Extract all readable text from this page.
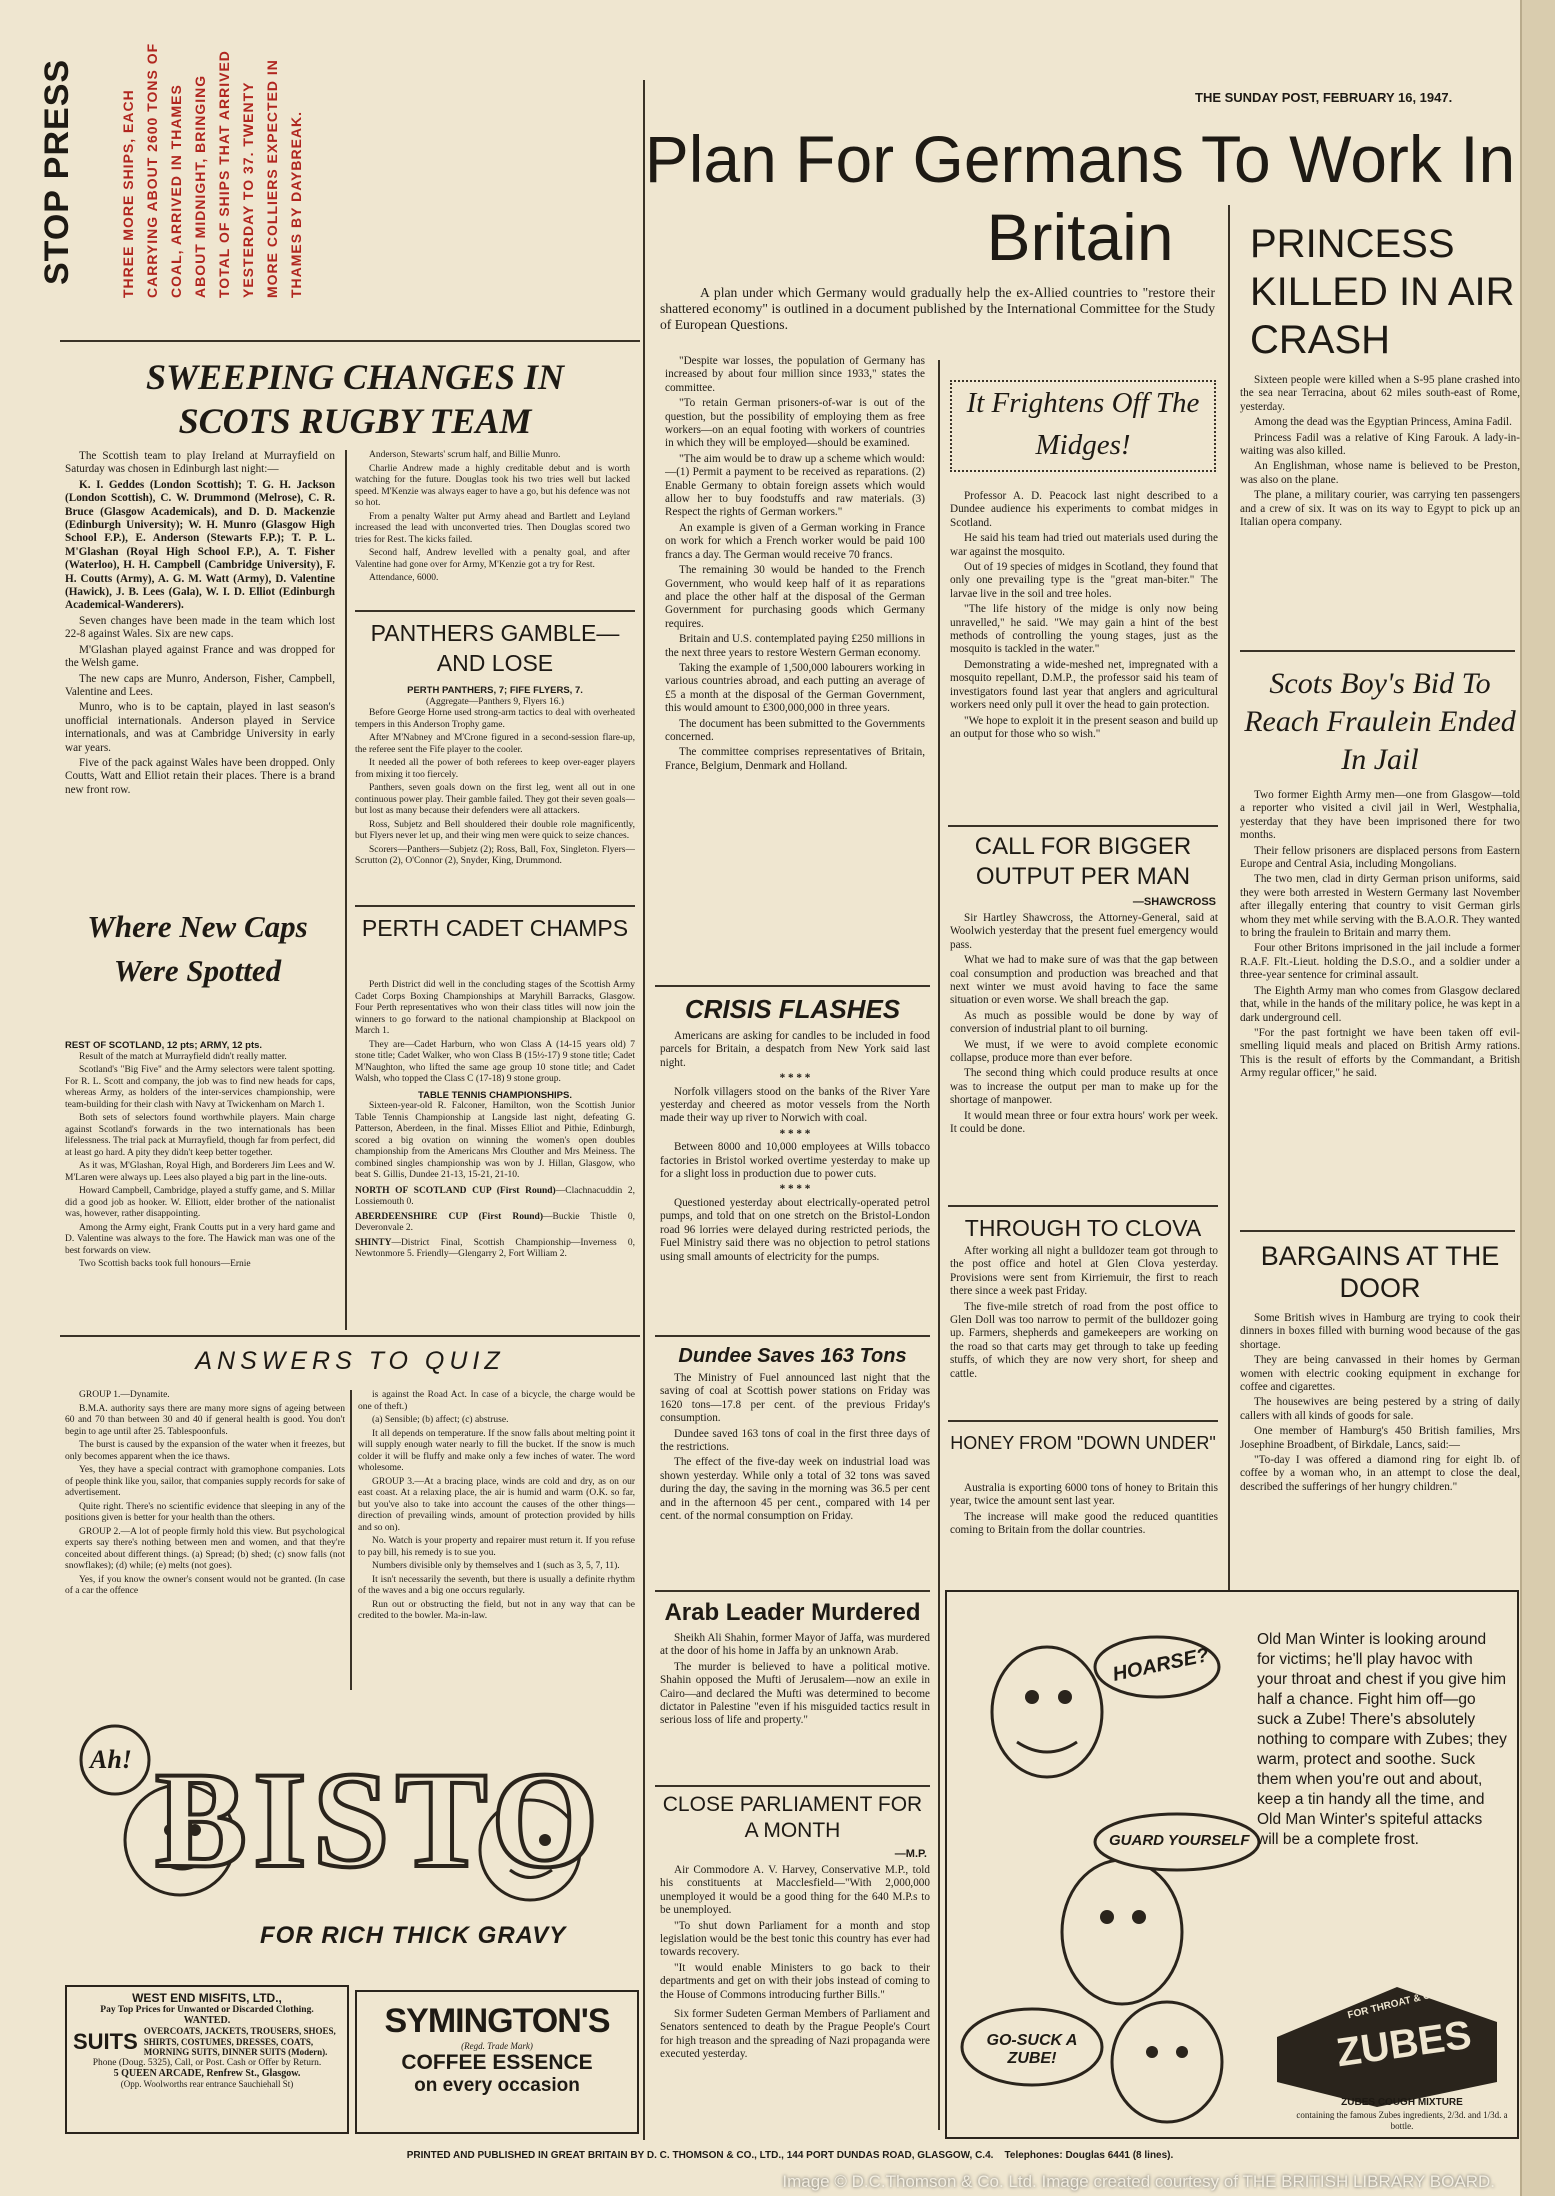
STOP PRESS	THREE MORE SHIPS, EACH CARRYING ABOUT 2600 TONS OF COAL, ARRIVED IN THAMES ABOUT MIDNIGHT, BRINGING TOTAL OF SHIPS THAT ARRIVED YESTERDAY TO 37. TWENTY MORE COLLIERS EXPECTED IN THAMES BY DAYBREAK.
THE SUNDAY POST, FEBRUARY 16, 1947.
Plan For Germans To Work In Britain
A plan under which Germany would gradually help the ex-Allied countries to "restore their shattered economy" is outlined in a document published by the International Committee for the Study of European Questions.

"Despite war losses, the population of Germany has increased by about four million since 1933," states the committee.

"To retain German prisoners-of-war is out of the question, but the possibility of employing them as free workers—on an equal footing with workers of countries in which they will be employed—should be examined.

"The aim would be to draw up a scheme which would:—(1) Permit a payment to be received as reparations. (2) Enable Germany to obtain foreign assets which would allow her to buy foodstuffs and raw materials. (3) Respect the rights of German workers."

An example is given of a German working in France on work for which a French worker would be paid 100 francs a day. The German would receive 70 francs.

The remaining 30 would be handed to the French Government, who would keep half of it as reparations and place the other half at the disposal of the German Government for purchasing goods which Germany requires.

Britain and U.S. contemplated paying £250 millions in the next three years to restore Western German economy.

Taking the example of 1,500,000 labourers working in various countries abroad, and each putting an average of £5 a month at the disposal of the German Government, this would amount to £300,000,000 in three years.

The document has been submitted to the Governments concerned.

The committee comprises representatives of Britain, France, Belgium, Denmark and Holland.

PRINCESS KILLED IN AIR CRASH

Sixteen people were killed when a S-95 plane crashed into the sea near Terracina, about 62 miles south-east of Rome, yesterday.

Among the dead was the Egyptian Princess, Amina Fadil.

Princess Fadil was a relative of King Farouk. A lady-in-waiting was also killed.

An Englishman, whose name is believed to be Preston, was also on the plane.

The plane, a military courier, was carrying ten passengers and a crew of six. It was on its way to Egypt to pick up an Italian opera company.

Scots Boy's Bid To Reach Fraulein Ended In Jail

Two former Eighth Army men—one from Glasgow—told a reporter who visited a civil jail in Werl, Westphalia, yesterday that they have been imprisoned there for two months.

Their fellow prisoners are displaced persons from Eastern Europe and Central Asia, including Mongolians.

The two men, clad in dirty German prison uniforms, said they were both arrested in Western Germany last November after illegally entering that country to visit German girls whom they met while serving with the B.A.O.R. They wanted to bring the fraulein to Britain and marry them.

Four other Britons imprisoned in the jail include a former R.A.F. Flt.-Lieut. holding the D.S.O., and a soldier under a three-year sentence for criminal assault.

The Eighth Army man who comes from Glasgow declared that, while in the hands of the military police, he was kept in a dark underground cell.

"For the past fortnight we have been taken off evil-smelling liquid meals and placed on British Army rations. This is the result of efforts by the Commandant, a British Army regular officer," he said.

BARGAINS AT THE DOOR

Some British wives in Hamburg are trying to cook their dinners in boxes filled with burning wood because of the gas shortage.

They are being canvassed in their homes by German women with electric cooking equipment in exchange for coffee and cigarettes.

The housewives are being pestered by a string of daily callers with all kinds of goods for sale.

One member of Hamburg's 450 British families, Mrs Josephine Broadbent, of Birkdale, Lancs, said:—

"To-day I was offered a diamond ring for eight lb. of coffee by a woman who, in an attempt to close the deal, described the sufferings of her hungry children."

SWEEPING CHANGES IN SCOTS RUGBY TEAM

The Scottish team to play Ireland at Murrayfield on Saturday was chosen in Edinburgh last night:—

K. I. Geddes (London Scottish); T. G. H. Jackson (London Scottish), C. W. Drummond (Melrose), C. R. Bruce (Glasgow Academicals), and D. D. Mackenzie (Edinburgh University); W. H. Munro (Glasgow High School F.P.), E. Anderson (Stewarts F.P.); T. P. L. M'Glashan (Royal High School F.P.), A. T. Fisher (Waterloo), H. H. Campbell (Cambridge University), F. H. Coutts (Army), A. G. M. Watt (Army), D. Valentine (Hawick), J. B. Lees (Gala), W. I. D. Elliot (Edinburgh Academical-Wanderers).

Seven changes have been made in the team which lost 22-8 against Wales. Six are new caps.

M'Glashan played against France and was dropped for the Welsh game.

The new caps are Munro, Anderson, Fisher, Campbell, Valentine and Lees.

Munro, who is to be captain, played in last season's unofficial internationals. Anderson played in Service internationals, and was at Cambridge University in early war years.

Five of the pack against Wales have been dropped. Only Coutts, Watt and Elliot retain their places. There is a brand new front row.

Anderson, Stewarts' scrum half, and Billie Munro.

Charlie Andrew made a highly creditable debut and is worth watching for the future. Douglas took his two tries well but lacked speed. M'Kenzie was always eager to have a go, but his defence was not so hot.

From a penalty Walter put Army ahead and Bartlett and Leyland increased the lead with unconverted tries. Then Douglas scored two tries for Rest. The kicks failed.

Second half, Andrew levelled with a penalty goal, and after Valentine had gone over for Army, M'Kenzie got a try for Rest.

Attendance, 6000.

Where New Caps Were Spotted
REST OF SCOTLAND, 12 pts; ARMY, 12 pts.

Result of the match at Murrayfield didn't really matter.

Scotland's "Big Five" and the Army selectors were talent spotting. For R. L. Scott and company, the job was to find new heads for caps, whereas Army, as holders of the inter-services championship, were team-building for their clash with Navy at Twickenham on March 1.

Both sets of selectors found worthwhile players. Main charge against Scotland's forwards in the two internationals has been lifelessness. The trial pack at Murrayfield, though far from perfect, did at least go hard. A pity they didn't keep better together.

As it was, M'Glashan, Royal High, and Borderers Jim Lees and W. M'Laren were always up. Lees also played a big part in the line-outs.

Howard Campbell, Cambridge, played a stuffy game, and S. Millar did a good job as hooker. W. Elliott, elder brother of the nationalist was, however, rather disappointing.

Among the Army eight, Frank Coutts put in a very hard game and D. Valentine was always to the fore. The Hawick man was one of the best forwards on view.

Two Scottish backs took full honours—Ernie

PANTHERS GAMBLE—AND LOSE
PERTH PANTHERS, 7; FIFE FLYERS, 7.
(Aggregate—Panthers 9, Flyers 16.)

Before George Horne used strong-arm tactics to deal with overheated tempers in this Anderson Trophy game.

After M'Nabney and M'Crone figured in a second-session flare-up, the referee sent the Fife player to the cooler.

It needed all the power of both referees to keep over-eager players from mixing it too fiercely.

Panthers, seven goals down on the first leg, went all out in one continuous power play. Their gamble failed. They got their seven goals—but lost as many because their defenders were all attackers.

Ross, Subjetz and Bell shouldered their double role magnificently, but Flyers never let up, and their wing men were quick to seize chances.

Scorers—Panthers—Subjetz (2); Ross, Ball, Fox, Singleton. Flyers—Scrutton (2), O'Connor (2), Snyder, King, Drummond.

PERTH CADET CHAMPS

Perth District did well in the concluding stages of the Scottish Army Cadet Corps Boxing Championships at Maryhill Barracks, Glasgow. Four Perth representatives who won their class titles will now join the winners to go forward to the national championship at Blackpool on March 1.

They are—Cadet Harburn, who won Class A (14-15 years old) 7 stone title; Cadet Walker, who won Class B (15½-17) 9 stone title; Cadet M'Naughton, who lifted the same age group 10 stone title; and Cadet Walsh, who topped the Class C (17-18) 9 stone group.

TABLE TENNIS CHAMPIONSHIPS.

Sixteen-year-old R. Falconer, Hamilton, won the Scottish Junior Table Tennis Championship at Langside last night, defeating G. Patterson, Aberdeen, in the final. Misses Elliot and Pithie, Edinburgh, scored a big ovation on winning the women's open doubles championship from the Americans Mrs Clouther and Mrs Meiness. The combined singles championship was won by J. Hillan, Glasgow, who beat S. Gillis, Dundee 21-13, 15-21, 21-10.

NORTH OF SCOTLAND CUP (First Round)—Clachnacuddin 2, Lossiemouth 0.
ABERDEENSHIRE CUP (First Round)—Buckie Thistle 0, Deveronvale 2.
SHINTY—District Final, Scottish Championship—Inverness 0, Newtonmore 5. Friendly—Glengarry 2, Fort William 2.
ANSWERS TO QUIZ

GROUP 1.—Dynamite.

B.M.A. authority says there are many more signs of ageing between 60 and 70 than between 30 and 40 if general health is good. You don't begin to age until after 25. Tablespoonfuls.

The burst is caused by the expansion of the water when it freezes, but only becomes apparent when the ice thaws.

Yes, they have a special contract with gramophone companies. Lots of people think like you, sailor, that companies supply records for sake of advertisement.

Quite right. There's no scientific evidence that sleeping in any of the positions given is better for your health than the others.

GROUP 2.—A lot of people firmly hold this view. But psychological experts say there's nothing between men and women, and that they're conceited about different things. (a) Spread; (b) shed; (c) snow falls (not snowflakes); (d) while; (e) melts (not goes).

Yes, if you know the owner's consent would not be granted. (In case of a car the offence

is against the Road Act. In case of a bicycle, the charge would be one of theft.)

(a) Sensible; (b) affect; (c) abstruse.

It all depends on temperature. If the snow falls about melting point it will supply enough water nearly to fill the bucket. If the snow is much colder it will be fluffy and make only a few inches of water. The word wholesome.

GROUP 3.—At a bracing place, winds are cold and dry, as on our east coast. At a relaxing place, the air is humid and warm (O.K. so far, but you've also to take into account the causes of the other things—direction of prevailing winds, amount of protection provided by hills and so on).

No. Watch is your property and repairer must return it. If you refuse to pay bill, his remedy is to sue you.

Numbers divisible only by themselves and 1 (such as 3, 5, 7, 11).

It isn't necessarily the seventh, but there is usually a definite rhythm of the waves and a big one occurs regularly.

Run out or obstructing the field, but not in any way that can be credited to the bowler. Ma-in-law.

Ah! BISTO
FOR RICH THICK GRAVY
WEST END MISFITS, LTD.,
Pay Top Prices for Unwanted or Discarded Clothing.
WANTED.
SUITS OVERCOATS, JACKETS, TROUSERS, SHOES, SHIRTS, COSTUMES, DRESSES, COATS, MORNING SUITS, DINNER SUITS (Modern).
Phone (Doug. 5325), Call, or Post. Cash or Offer by Return.
5 QUEEN ARCADE, Renfrew St., Glasgow.
(Opp. Woolworths rear entrance Sauchiehall St)
SYMINGTON'S
(Regd. Trade Mark)
COFFEE ESSENCE
on every occasion
It Frightens Off The Midges!

Professor A. D. Peacock last night described to a Dundee audience his experiments to combat midges in Scotland.

He said his team had tried out materials used during the war against the mosquito.

Out of 19 species of midges in Scotland, they found that only one prevailing type is the "great man-biter." The larvae live in the soil and tree holes.

"The life history of the midge is only now being unravelled," he said. "We may gain a hint of the best methods of controlling the young stages, just as the mosquito is tackled in the water."

Demonstrating a wide-meshed net, impregnated with a mosquito repellant, D.M.P., the professor said his team of investigators found last year that anglers and agricultural workers need only pull it over the head to gain protection.

"We hope to exploit it in the present season and build up an output for those who so wish."

CALL FOR BIGGER OUTPUT PER MAN
—SHAWCROSS

Sir Hartley Shawcross, the Attorney-General, said at Woolwich yesterday that the present fuel emergency would pass.

What we had to make sure of was that the gap between coal consumption and production was breached and that next winter we must avoid having to face the same situation or even worse. We shall breach the gap.

As much as possible would be done by way of conversion of industrial plant to oil burning.

We must, if we were to avoid complete economic collapse, produce more than ever before.

The second thing which could produce results at once was to increase the output per man to make up for the shortage of manpower.

It would mean three or four extra hours' work per week. It could be done.

CRISIS FLASHES

Americans are asking for candles to be included in food parcels for Britain, a despatch from New York said last night.

* * * *

Norfolk villagers stood on the banks of the River Yare yesterday and cheered as motor vessels from the North made their way up river to Norwich with coal.

* * * *

Between 8000 and 10,000 employees at Wills tobacco factories in Bristol worked overtime yesterday to make up for a slight loss in production due to power cuts.

* * * *

Questioned yesterday about electrically-operated petrol pumps, and told that on one stretch on the Bristol-London road 96 lorries were delayed during restricted periods, the Fuel Ministry said there was no objection to petrol stations using small amounts of electricity for the pumps.

THROUGH TO CLOVA

After working all night a bulldozer team got through to the post office and hotel at Glen Clova yesterday. Provisions were sent from Kirriemuir, the first to reach there since a week past Friday.

The five-mile stretch of road from the post office to Glen Doll was too narrow to permit of the bulldozer going up. Farmers, shepherds and gamekeepers are working on the road so that carts may get through to take up feeding stuffs, of which they are now very short, for sheep and cattle.

Dundee Saves 163 Tons

The Ministry of Fuel announced last night that the saving of coal at Scottish power stations on Friday was 1620 tons—17.8 per cent. of the previous Friday's consumption.

Dundee saved 163 tons of coal in the first three days of the restrictions.

The effect of the five-day week on industrial load was shown yesterday. While only a total of 32 tons was saved during the day, the saving in the morning was 36.5 per cent and in the afternoon 45 per cent., compared with 14 per cent. of the normal consumption on Friday.

HONEY FROM "DOWN UNDER"

Australia is exporting 6000 tons of honey to Britain this year, twice the amount sent last year.

The increase will make good the reduced quantities coming to Britain from the dollar countries.

Arab Leader Murdered

Sheikh Ali Shahin, former Mayor of Jaffa, was murdered at the door of his home in Jaffa by an unknown Arab.

The murder is believed to have a political motive. Shahin opposed the Mufti of Jerusalem—now an exile in Cairo—and declared the Mufti was determined to become dictator in Palestine "even if his misguided tactics result in serious loss of life and property."

CLOSE PARLIAMENT FOR A MONTH
—M.P.

Air Commodore A. V. Harvey, Conservative M.P., told his constituents at Macclesfield—"With 2,000,000 unemployed it would be a good thing for the 640 M.P.s to be unemployed.

"To shut down Parliament for a month and stop legislation would be the best tonic this country has ever had towards recovery.

"It would enable Ministers to go back to their departments and get on with their jobs instead of coming to the House of Commons introducing further Bills."

Six former Sudeten German Members of Parliament and Senators sentenced to death by the Prague People's Court for high treason and the spreading of Nazi propaganda were executed yesterday.

HOARSE?
GUARD YOURSELF
GO-SUCK A ZUBE!
Old Man Winter is looking around for victims; he'll play havoc with your throat and chest if you give him half a chance. Fight him off—go suck a Zube! There's absolutely nothing to compare with Zubes; they warm, protect and soothe. Suck them when you're out and about, keep a tin handy all the time, and Old Man Winter's spiteful attacks will be a complete frost.
FOR THROAT & CHEST
ZUBES
ZUBES COUGH MIXTURE
containing the famous Zubes ingredients, 2/3d. and 1/3d. a bottle.
PRINTED AND PUBLISHED IN GREAT BRITAIN BY D. C. THOMSON & CO., LTD., 144 PORT DUNDAS ROAD, GLASGOW, C.4. Telephones: Douglas 6441 (8 lines).
Image © D.C.Thomson & Co. Ltd. Image created courtesy of THE BRITISH LIBRARY BOARD.
